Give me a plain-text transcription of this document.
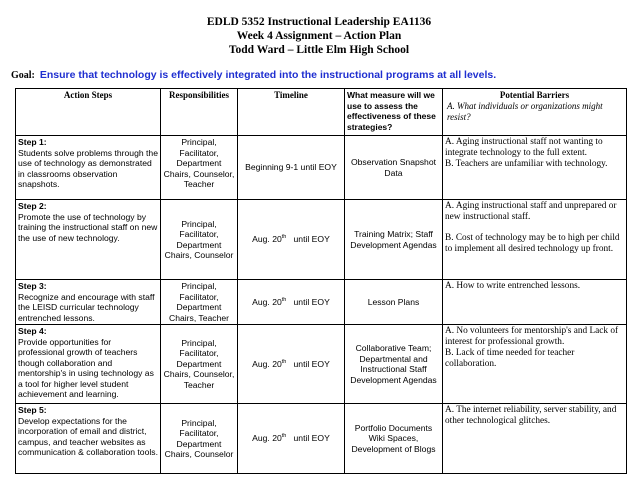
EDLD 5352 Instructional Leadership EA1136
Week 4 Assignment – Action Plan
Todd Ward – Little Elm High School
Goal: Ensure that technology is effectively integrated into the instructional programs at all levels.
Action Steps	Responsibilities	Timeline	What measure will we use to assess the effectiveness of these strategies?	Potential Barriers
A. What individuals or organizations might resist?

Step 1:
Students solve problems through the use of technology as demonstrated in classrooms observation snapshots.	Principal, Facilitator, Department Chairs, Counselor, Teacher	Beginning 9-1 until EOY	Observation Snapshot Data	A. Aging instructional staff not wanting to integrate technology to the full extent.
B. Teachers are unfamiliar with technology.

Step 2:
Promote the use of technology by training the instructional staff on new the use of new technology.	Principal, Facilitator, Department Chairs, Counselor	Aug. 20th until EOY	Training Matrix; Staff Development Agendas	A. Aging instructional staff and unprepared or new instructional staff.
B. Cost of technology may be to high per child to implement all desired technology up front.

Step 3:
Recognize and encourage with staff the LEISD curricular technology entrenched lessons.	Principal, Facilitator, Department Chairs, Teacher	Aug. 20th until EOY	Lesson Plans	A. How to write entrenched lessons.

Step 4:
Provide opportunities for professional growth of teachers though collaboration and mentorship's in using technology as a tool for higher level student achievement and learning.	Principal, Facilitator, Department Chairs, Counselor, Teacher	Aug. 20th until EOY	Collaborative Team; Departmental and Instructional Staff Development Agendas	A. No volunteers for mentorship's and Lack of interest for professional growth.
B. Lack of time needed for teacher collaboration.

Step 5:
Develop expectations for the incorporation of email and district, campus, and teacher websites as communication & collaboration tools.	Principal, Facilitator, Department Chairs, Counselor	Aug. 20th until EOY	Portfolio Documents Wiki Spaces, Development of Blogs	A. The internet reliability, server stability, and other technological glitches.
